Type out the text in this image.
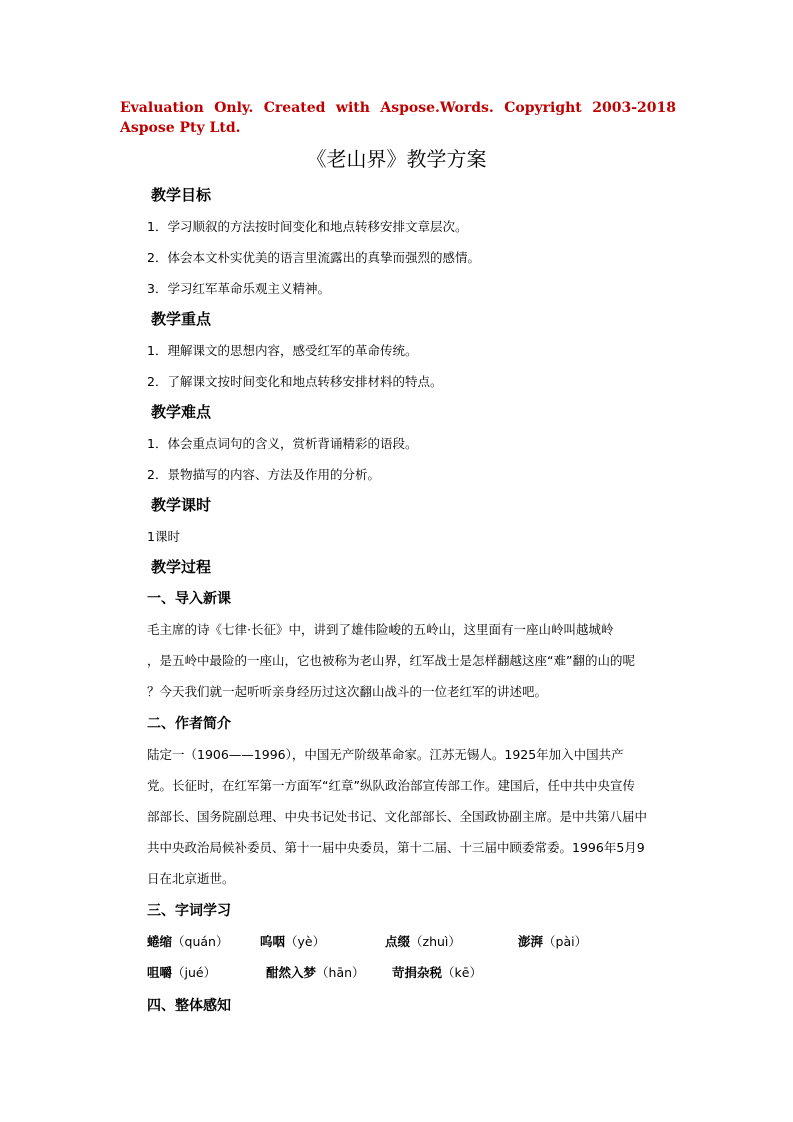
Evaluation Only. Created with Aspose.Words. Copyright 2003-2018 Aspose Pty Ltd.
《老山界》教学方案
教学目标
1．学习顺叙的方法按时间变化和地点转移安排文章层次。
2．体会本文朴实优美的语言里流露出的真挚而强烈的感情。
3．学习红军革命乐观主义精神。
教学重点
1．理解课文的思想内容，感受红军的革命传统。
2．了解课文按时间变化和地点转移安排材料的特点。
教学难点
1．体会重点词句的含义，赏析背诵精彩的语段。
2．景物描写的内容、方法及作用的分析。
教学课时
1课时
教学过程
一、导入新课
毛主席的诗《七律·长征》中，讲到了雄伟险峻的五岭山，这里面有一座山岭叫越城岭
，是五岭中最险的一座山，它也被称为老山界，红军战士是怎样翻越这座“难”翻的山的呢
？今天我们就一起听听亲身经历过这次翻山战斗的一位老红军的讲述吧。
二、作者简介
陆定一（1906——1996），中国无产阶级革命家。江苏无锡人。1925年加入中国共产
党。长征时，在红军第一方面军“红章”纵队政治部宣传部工作。建国后，任中共中央宣传
部部长、国务院副总理、中央书记处书记、文化部部长、全国政协副主席。是中共第八届中
共中央政治局候补委员、第十一届中央委员，第十二届、十三届中顾委常委。1996年5月9
日在北京逝世。
三、字词学习
蜷缩（quán）	呜咽（yè）	点缀（zhuì）	澎湃（pài）
咀嚼（jué）	酣然入梦（hān） 苛捐杂税（kē）
四、整体感知
